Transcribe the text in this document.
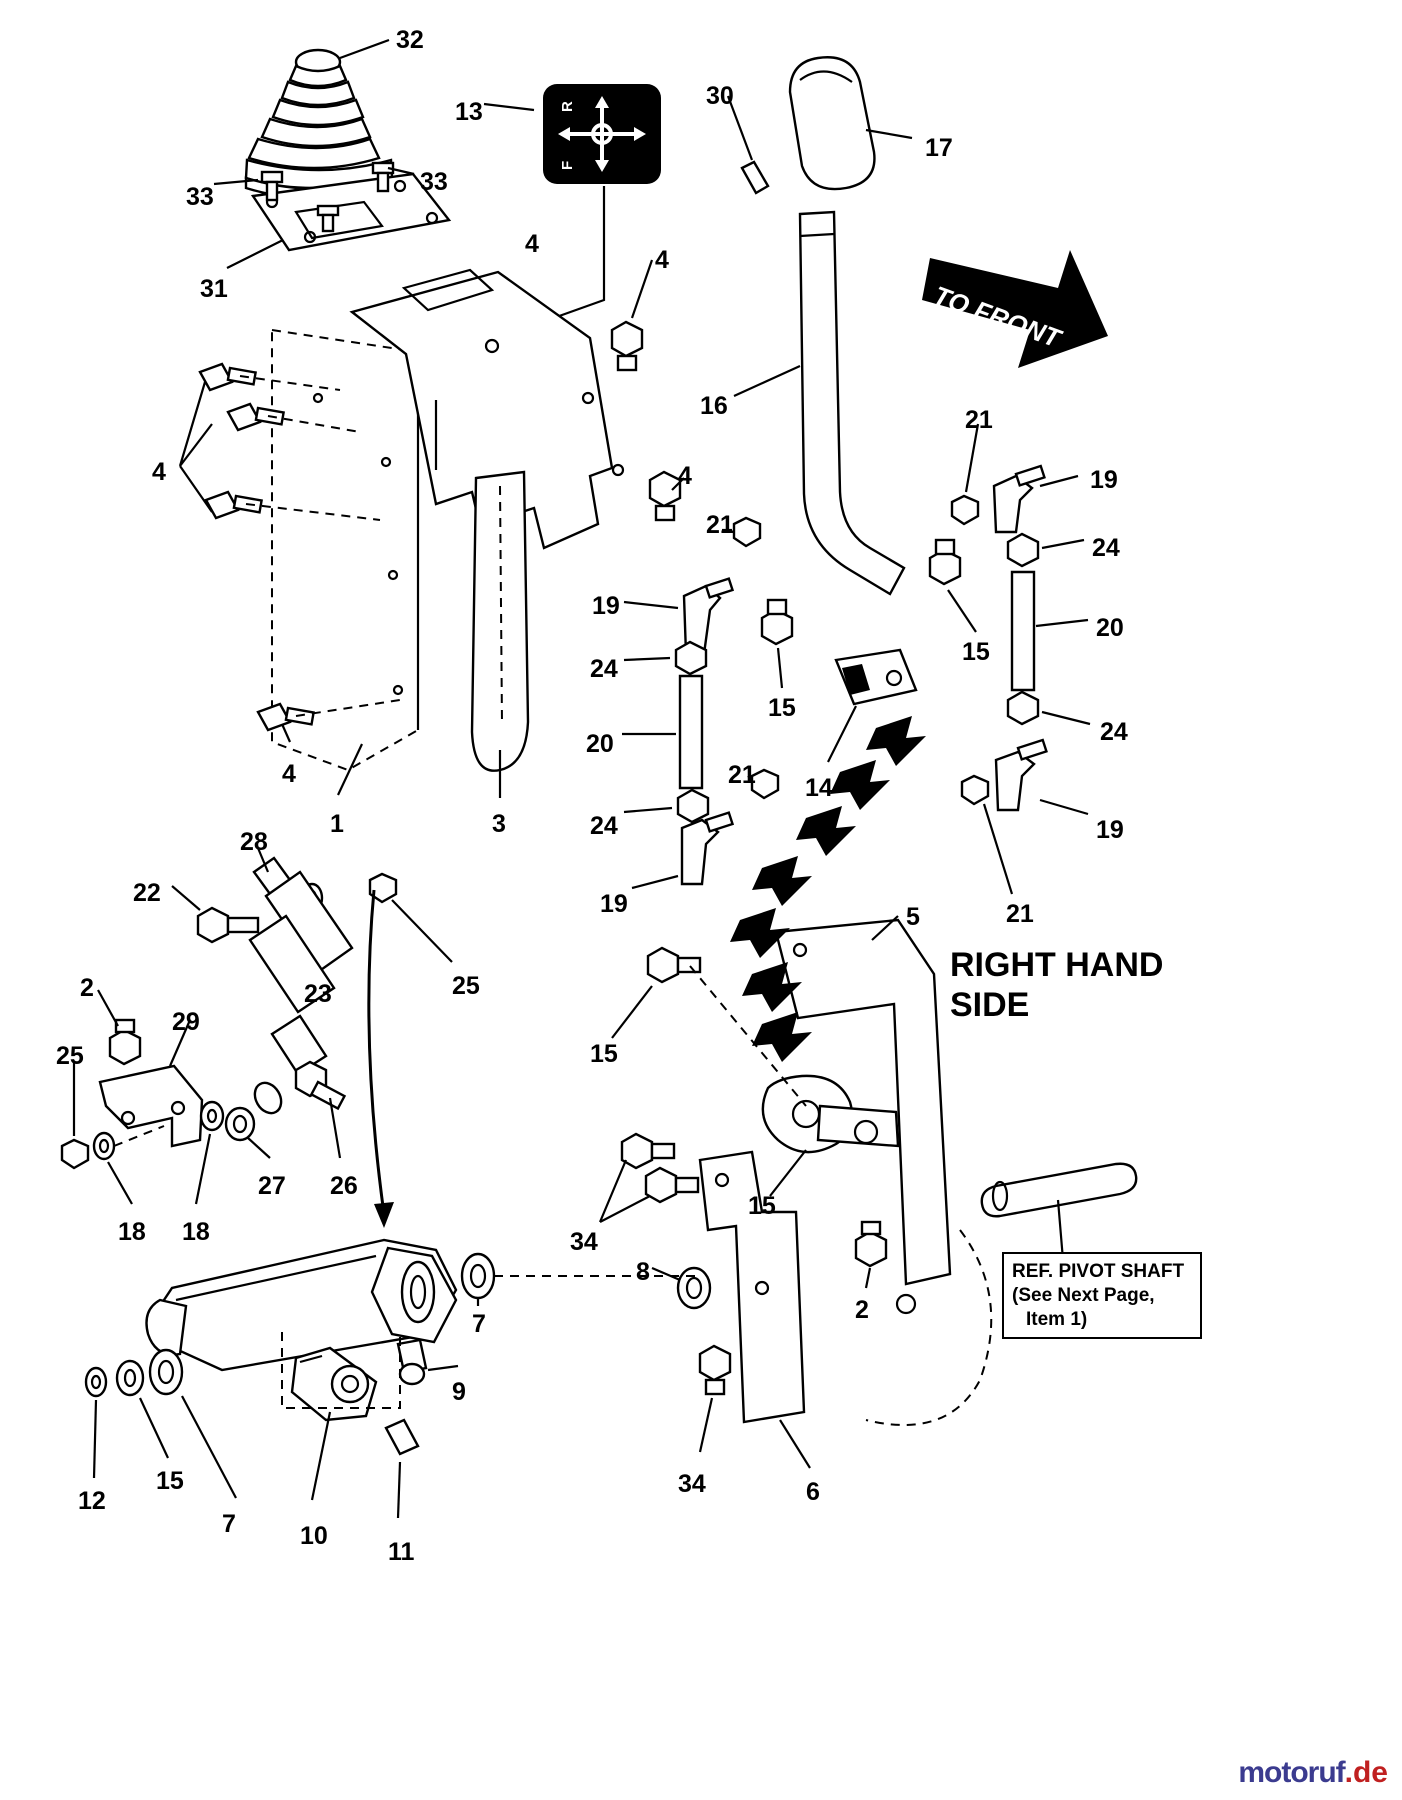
R
F
32
13
30
17
33
33
4
31
4
16	21
19
4
24
4
21
15
19
20
24
15
14
24
20
21
4
1	3	24	19
19	21
28
22
25
23
5
2
29
15
25
27 26
18 18	34
15
8
2
7
9
12
15
7	10
11
34	6
RIGHT HAND
SIDE
TO FRONT
REF. PIVOT SHAFT
(See Next Page,
Item 1)
motoruf.de
